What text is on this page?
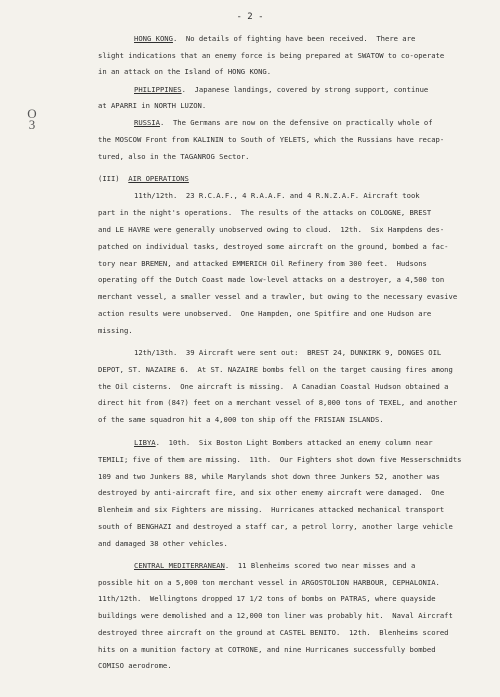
- 2 -
O
3
HONG KONG.  No details of fighting have been received.  There are
slight indications that an enemy force is being prepared at SWATOW to co-operate
in an attack on the Island of HONG KONG.
PHILIPPINES.  Japanese landings, covered by strong support, continue
at APARRI in NORTH LUZON.
RUSSIA.  The Germans are now on the defensive on practically whole of
the MOSCOW Front from KALININ to South of YELETS, which the Russians have recap-
tured, also in the TAGANROG Sector.
(III) AIR OPERATIONS
11th/12th.  23 R.C.A.F., 4 R.A.A.F. and 4 R.N.Z.A.F. Aircraft took
part in the night's operations.  The results of the attacks on COLOGNE, BREST
and LE HAVRE were generally unobserved owing to cloud.  12th.  Six Hampdens des-
patched on individual tasks, destroyed some aircraft on the ground, bombed a fac-
tory near BREMEN, and attacked EMMERICH Oil Refinery from 300 feet.  Hudsons
operating off the Dutch Coast made low-level attacks on a destroyer, a 4,500 ton
merchant vessel, a smaller vessel and a trawler, but owing to the necessary evasive
action results were unobserved.  One Hampden, one Spitfire and one Hudson are
missing.
12th/13th.  39 Aircraft were sent out:  BREST 24, DUNKIRK 9, DONGES OIL
DEPOT, ST. NAZAIRE 6.  At ST. NAZAIRE bombs fell on the target causing fires among
the Oil cisterns.  One aircraft is missing.  A Canadian Coastal Hudson obtained a
direct hit from (84?) feet on a merchant vessel of 8,000 tons of TEXEL, and another
of the same squadron hit a 4,000 ton ship off the FRISIAN ISLANDS.
LIBYA.  10th.  Six Boston Light Bombers attacked an enemy column near
TEMILI; five of them are missing.  11th.  Our Fighters shot down five Messerschmidts
109 and two Junkers 88, while Marylands shot down three Junkers 52, another was
destroyed by anti-aircraft fire, and six other enemy aircraft were damaged.  One
Blenheim and six Fighters are missing.  Hurricanes attacked mechanical transport
south of BENGHAZI and destroyed a staff car, a petrol lorry, another large vehicle
and damaged 38 other vehicles.
CENTRAL MEDITERRANEAN.  11 Blenheims scored two near misses and a
possible hit on a 5,000 ton merchant vessel in ARGOSTOLION HARBOUR, CEPHALONIA.
11th/12th.  Wellingtons dropped 17 1/2 tons of bombs on PATRAS, where quayside
buildings were demolished and a 12,000 ton liner was probably hit.  Naval Aircraft
destroyed three aircraft on the ground at CASTEL BENITO.  12th.  Blenheims scored
hits on a munition factory at COTRONE, and nine Hurricanes successfully bombed
COMISO aerodrome.
